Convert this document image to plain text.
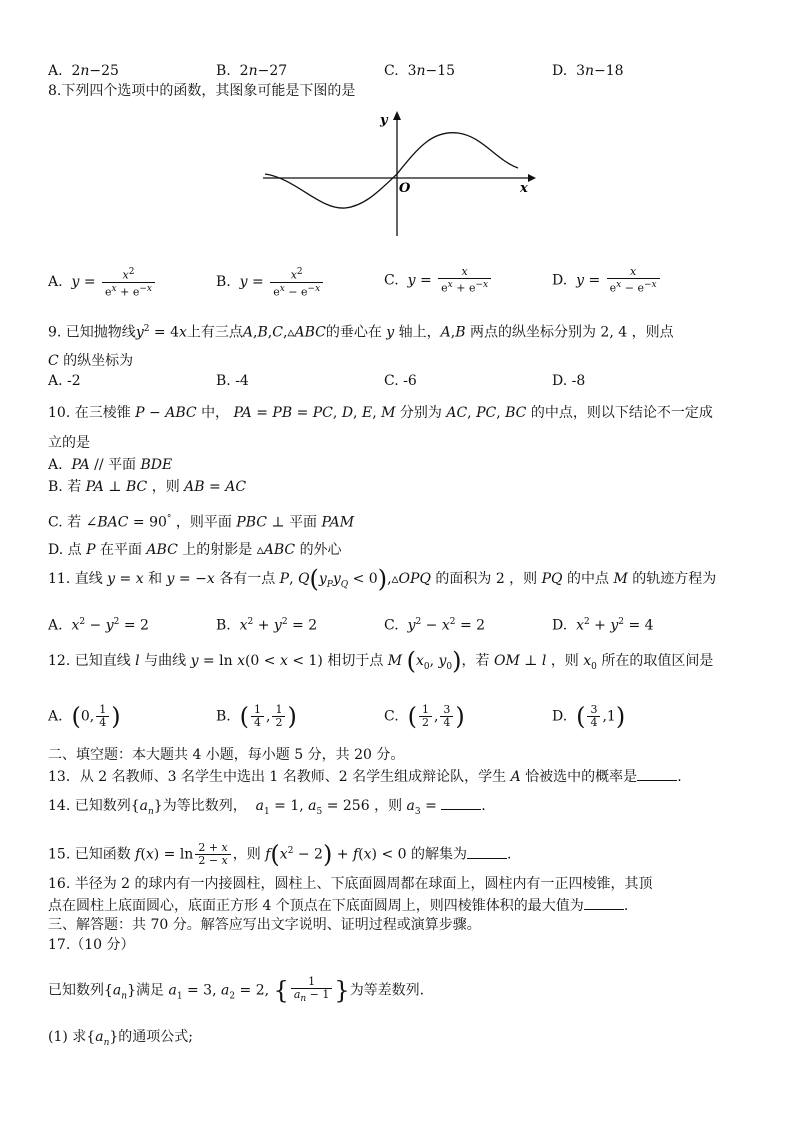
A.  2n−25	B.  2n−27	C.  3n−15	D.  3n−18
8.下列四个选项中的函数，其图象可能是下图的是
y
x
O
A.  $y = \frac{x^2}{e^x + e^{-x}}$	B.  $y = \frac{x^2}{e^x - e^{-x}}$	C.  $y = \frac{x}{e^x + e^{-x}}$	D.  $y = \frac{x}{e^x - e^{-x}}$
9. 已知抛物线$y^2 = 4x$上有三点A,B,C,▵ABC的垂心在 y 轴上，A,B 两点的纵坐标分别为 2, 4 ，则点
C 的纵坐标为
A. -2	B. -4	C. -6	D. -8
10. 在三棱锥 P − ABC 中， PA = PB = PC, D, E, M 分别为 AC, PC, BC 的中点，则以下结论不一定成
立的是
A. PA // 平面 BDE
B. 若 PA ⊥ BC ，则 AB = AC
C. 若 ∠BAC = 90° ，则平面 PBC ⊥ 平面 PAM
D. 点 P 在平面 ABC 上的射影是 ▵ABC 的外心
11. 直线 y = x 和 y = −x 各有一点 P, $Q(y_Py_Q$ < 0),▵OPQ 的面积为 2 ，则 PQ 的中点 M 的轨迹方程为
A.  $x^2 - y^2 = 2$	B.  $x^2 + y^2 = 2$	C.  $y^2 - x^2 = 2$	D.  $x^2 + y^2 = 4$
12. 已知直线 l 与曲线 y = ln x(0 < x < 1) 相切于点 M ($x_0$, $y_0$)，若 OM ⊥ l ，则 $x_0$ 所在的取值区间是
A.  (0, $\frac{1}{4}$ )	B.  ( $\frac{1}{4}$ , $\frac{1}{2}$ )	C.  ( $\frac{1}{2}$ , $\frac{3}{4}$ )	D.  ( $\frac{3}{4} ,1$)
二、填空题：本大题共 4 小题，每小题 5 分，共 20 分。
13．从 2 名教师、3 名学生中选出 1 名教师、2 名学生组成辩论队，学生 A 恰被选中的概率是	.
14. 已知数列$\{a_n\}$为等比数列， $a_1 = 1$, $a_5 = 256$ ，则 $a_3$ =	.
15. 已知函数 $f(x) = \ln \frac{2 + x}{2 - x}$ ，则 $f(x^2 - 2) + f(x) < 0$ 的解集为	.
16. 半径为 2 的球内有一内接圆柱，圆柱上、下底面圆周都在球面上，圆柱内有一正四棱锥，其顶
点在圆柱上底面圆心，底面正方形 4 个顶点在下底面圆周上，则四棱锥体积的最大值为	.
三、解答题：共 70 分。解答应写出文字说明、证明过程或演算步骤。
17.（10 分）
已知数列$\{a_n\}$满足 $a_1 = 3$, $a_2 = 2$, { $\frac{1}{a_n - 1}$ }为等差数列.
(1) 求$\{a_n\}$的通项公式;
